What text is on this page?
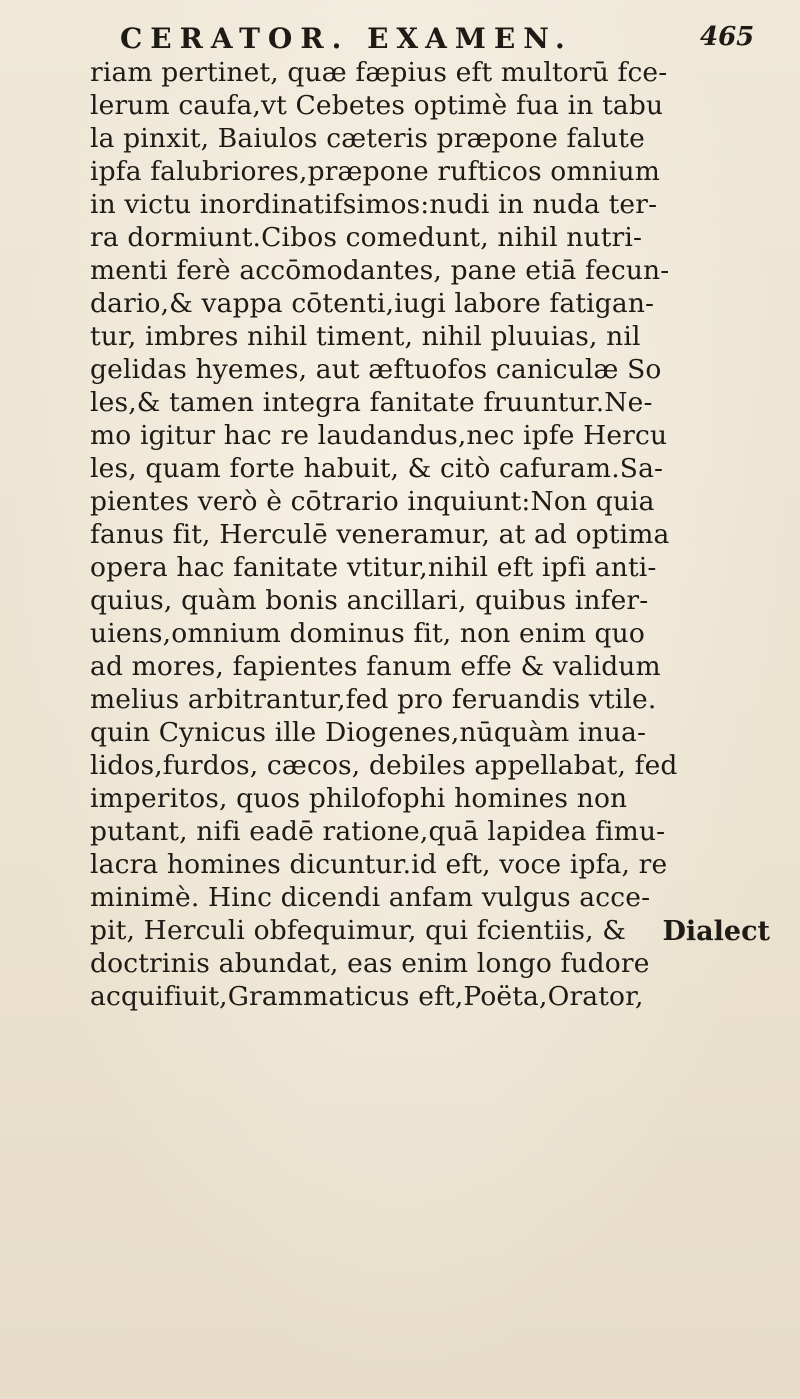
CERATOR. EXAMEN.	465
riam pertinet, quæ fæpius eft multorū fce-
lerum caufa,vt Cebetes optimè fua in tabu
la pinxit, Baiulos cæteris præpone falute
ipfa falubriores,præpone rufticos omnium
in victu inordinatifsimos:nudi in nuda ter-
ra dormiunt.Cibos comedunt, nihil nutri-
menti ferè accōmodantes, pane etiā fecun-
dario,& vappa cōtenti,iugi labore fatigan-
tur, imbres nihil timent, nihil pluuias, nil
gelidas hyemes, aut æftuofos caniculæ So
les,& tamen integra fanitate fruuntur.Ne-
mo igitur hac re laudandus,nec ipfe Hercu
les, quam forte habuit, & citò cafuram.Sa-
pientes verò è cōtrario inquiunt:Non quia
fanus fit, Herculē veneramur, at ad optima
opera hac fanitate vtitur,nihil eft ipfi anti-
quius, quàm bonis ancillari, quibus infer-
uiens,omnium dominus fit, non enim quo
ad mores, fapientes fanum effe & validum
melius arbitrantur,fed pro feruandis vtile.
quin Cynicus ille Diogenes,nūquàm inua-
lidos,furdos, cæcos, debiles appellabat, fed
imperitos, quos philofophi homines non
putant, nifi eadē ratione,quā lapidea fimu-
lacra homines dicuntur.id eft, voce ipfa, re
minimè. Hinc dicendi anfam vulgus acce-
pit, Herculi obfequimur, qui fcientiis, &
doctrinis abundat, eas enim longo fudore
acquifiuit,Grammaticus eft,Poëta,Orator,
Dialect
